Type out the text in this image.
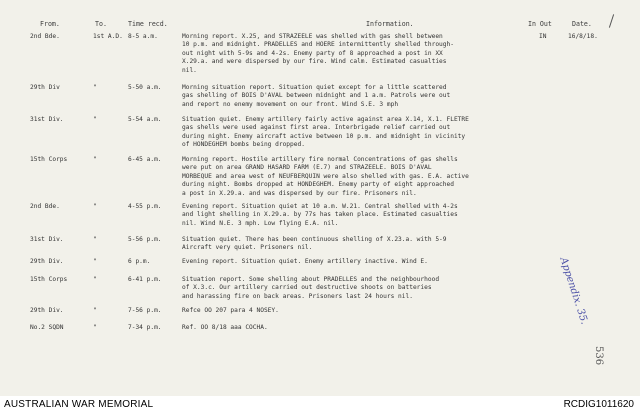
From.	To.	Time recd.	Information.	In Out	Date.
2nd Bde.	1st A.D. 8-5 a.m.	Morning report. X.25, and STRAZEELE was shelled with gas shell between
10 p.m. and midnight. PRADELLES and HOERE intermittently shelled through-
out night with 5-9s and 4-2s. Enemy party of 8 approached a post in XX
X.29.a. and were dispersed by our fire. Wind calm. Estimated casualties
nil.
IN	16/8/18.
29th Div	"	5-50 a.m.	Morning situation report. Situation quiet except for a little scattered
gas shelling of BOIS D'AVAL between midnight and 1 a.m. Patrols were out
and report no enemy movement on our front. Wind S.E. 3 mph
31st Div.	"	5-54 a.m.	Situation quiet. Enemy artillery fairly active against area X.14, X.1. FLETRE
gas shells were used against first area. Interbrigade relief carried out
during night. Enemy aircraft active between 10 p.m. and midnight in vicinity
of HONDEGHEM bombs being dropped.
15th Corps	"	6-45 a.m.	Morning report. Hostile artillery fire normal Concentrations of gas shells
were put on area GRAND HASARD FARM (E.7) and STRAZEELE. BOIS D'AVAL
MORBEQUE and area west of NEUFBERQUIN were also shelled with gas. E.A. active
during night. Bombs dropped at HONDEGHEM. Enemy party of eight approached
a post in X.29.a. and was dispersed by our fire. Prisoners nil.
2nd Bde.	"	4-55 p.m.	Evening report. Situation quiet at 10 a.m. W.21. Central shelled with 4-2s
and light shelling in X.29.a. by 77s has taken place. Estimated casualties
nil. Wind N.E. 3 mph. Low flying E.A. nil.
31st Div.	"	5-56 p.m.	Situation quiet. There has been continuous shelling of X.23.a. with 5-9
Aircraft very quiet. Prisoners nil.
29th Div.	"	6 p.m.	Evening report. Situation quiet. Enemy artillery inactive. Wind E.
15th Corps	"	6-41 p.m.	Situation report. Some shelling about PRADELLES and the neighbourhood
of X.3.c. Our artillery carried out destructive shoots on batteries
and harassing fire on back areas. Prisoners last 24 hours nil.
29th Div.	"	7-56 p.m.	Refce OO 207 para 4 NOSEY.
No.2 SQDN	"	7-34 p.m.	Ref. OO 8/18 aaa COCHA.
Appendix. 35.
536
AUSTRALIAN WAR MEMORIAL	RCDIG1011620
